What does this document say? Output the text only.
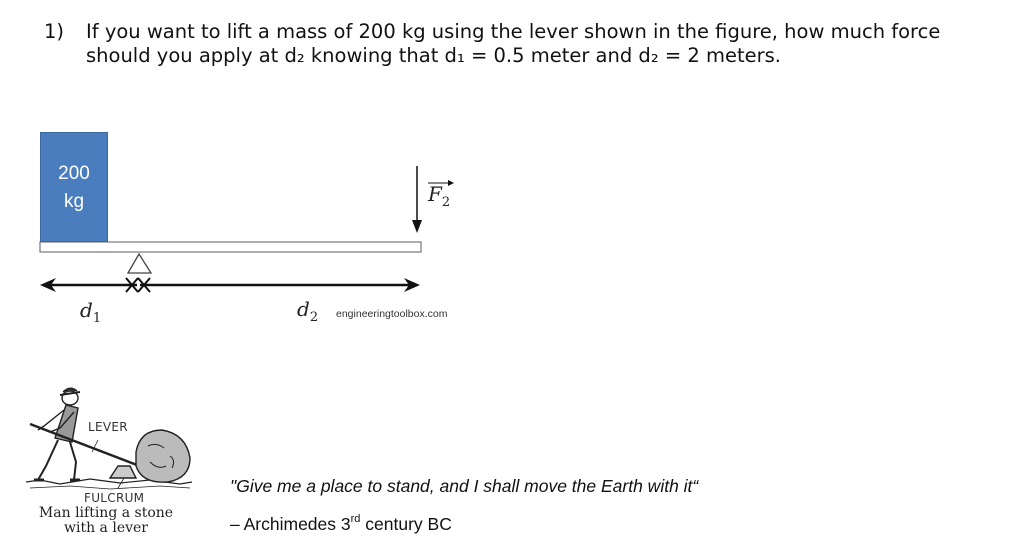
1) If you want to lift a mass of 200 kg using the lever shown in the figure, how much force
should you apply at d₂ knowing that d₁ = 0.5 meter and d₂ = 2 meters.
200
kg	$F_2$
$d_1$	$d_2$ engineeringtoolbox.com
LEVER
FULCRUM
Man lifting a stone
with a lever
"Give me a place to stand, and I shall move the Earth with it“
– Archimedes 3rd century BC
